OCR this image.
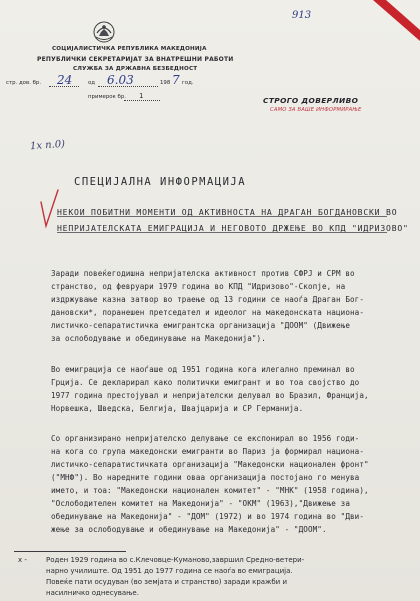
913
СОЦИЈАЛИСТИЧКА РЕПУБЛИКА МАКЕДОНИЈА
РЕПУБЛИЧКИ СЕКРЕТАРИЈАТ ЗА ВНАТРЕШНИ РАБОТИ
СЛУЖБА ЗА ДРЖАВНА БЕЗБЕДНОСТ
стр. дов. бр. 24	од 6.03	198 7 год.
примерок бр. 1	СТРОГО ДОВЕРЛИВО
САМО ЗА ВАШЕ ИНФОРМИРАЊЕ
1x n.0)
СПЕЦИЈАЛНА ИНФОРМАЦИЈА
НЕКОИ ПОБИТНИ МОМЕНТИ ОД АКТИВНОСТА НА ДРАГАН БОГДАНОВСКИ ВО
НЕПРИЈАТЕЛСКАТА ЕМИГРАЦИЈА И НЕГОВОТО ДРЖЕЊЕ ВО КПД "ИДРИЗОВО"
Заради повеќегодишна непријателска активност против СФРЈ и СРМ во
странство, од февруари 1979 година во КПД "Идризово"-Скопје, на
издржување казна затвор во траење од 13 години се наоѓа Драган Бог-
дановски*, поранешен претседател и идеолог на македонската национа-
листичко-сепаратистичка емигрантска организација "ДООМ" (Движење
за ослободување и обединување на Македонија").
Во емиграција се наоѓаше од 1951 година кога илегално преминал во
Грција. Се декларирал како политички емигрант и во тоа својство до
1977 година престојувал и непријателски делувал во Бразил, Франција,
Норвешка, Шведска, Белгија, Швајцарија и СР Германија.
Со организирано непријателско делување се експонирал во 1956 годи-
на кога со група македонски емигранти во Париз ја формирал национа-
листичко-сепаратистичката организација "Македонски национален фронт"
("МНФ"). Во наредните години оваа организација постојано го менува
името, и тоа: "Македонски национален комитет" - "МНК" (1958 година),
"Ослободителен комитет на Македонија" - "ОКМ" (1963),"Движење за
обединување на Македонија" - "ДОМ" (1972) и во 1974 година во "Дви-
жење за ослободување и обединување на Македонија" - "ДООМ".
x -	Роден 1929 година во с.Клечовце-Кумановo,завршил Средно-ветери-
нарно училиште. Од 1951 до 1977 година се наоѓа во емиграција.
Повеќе пати осудуван (во земјата и странство) заради кражби и
насилничко однесување.
